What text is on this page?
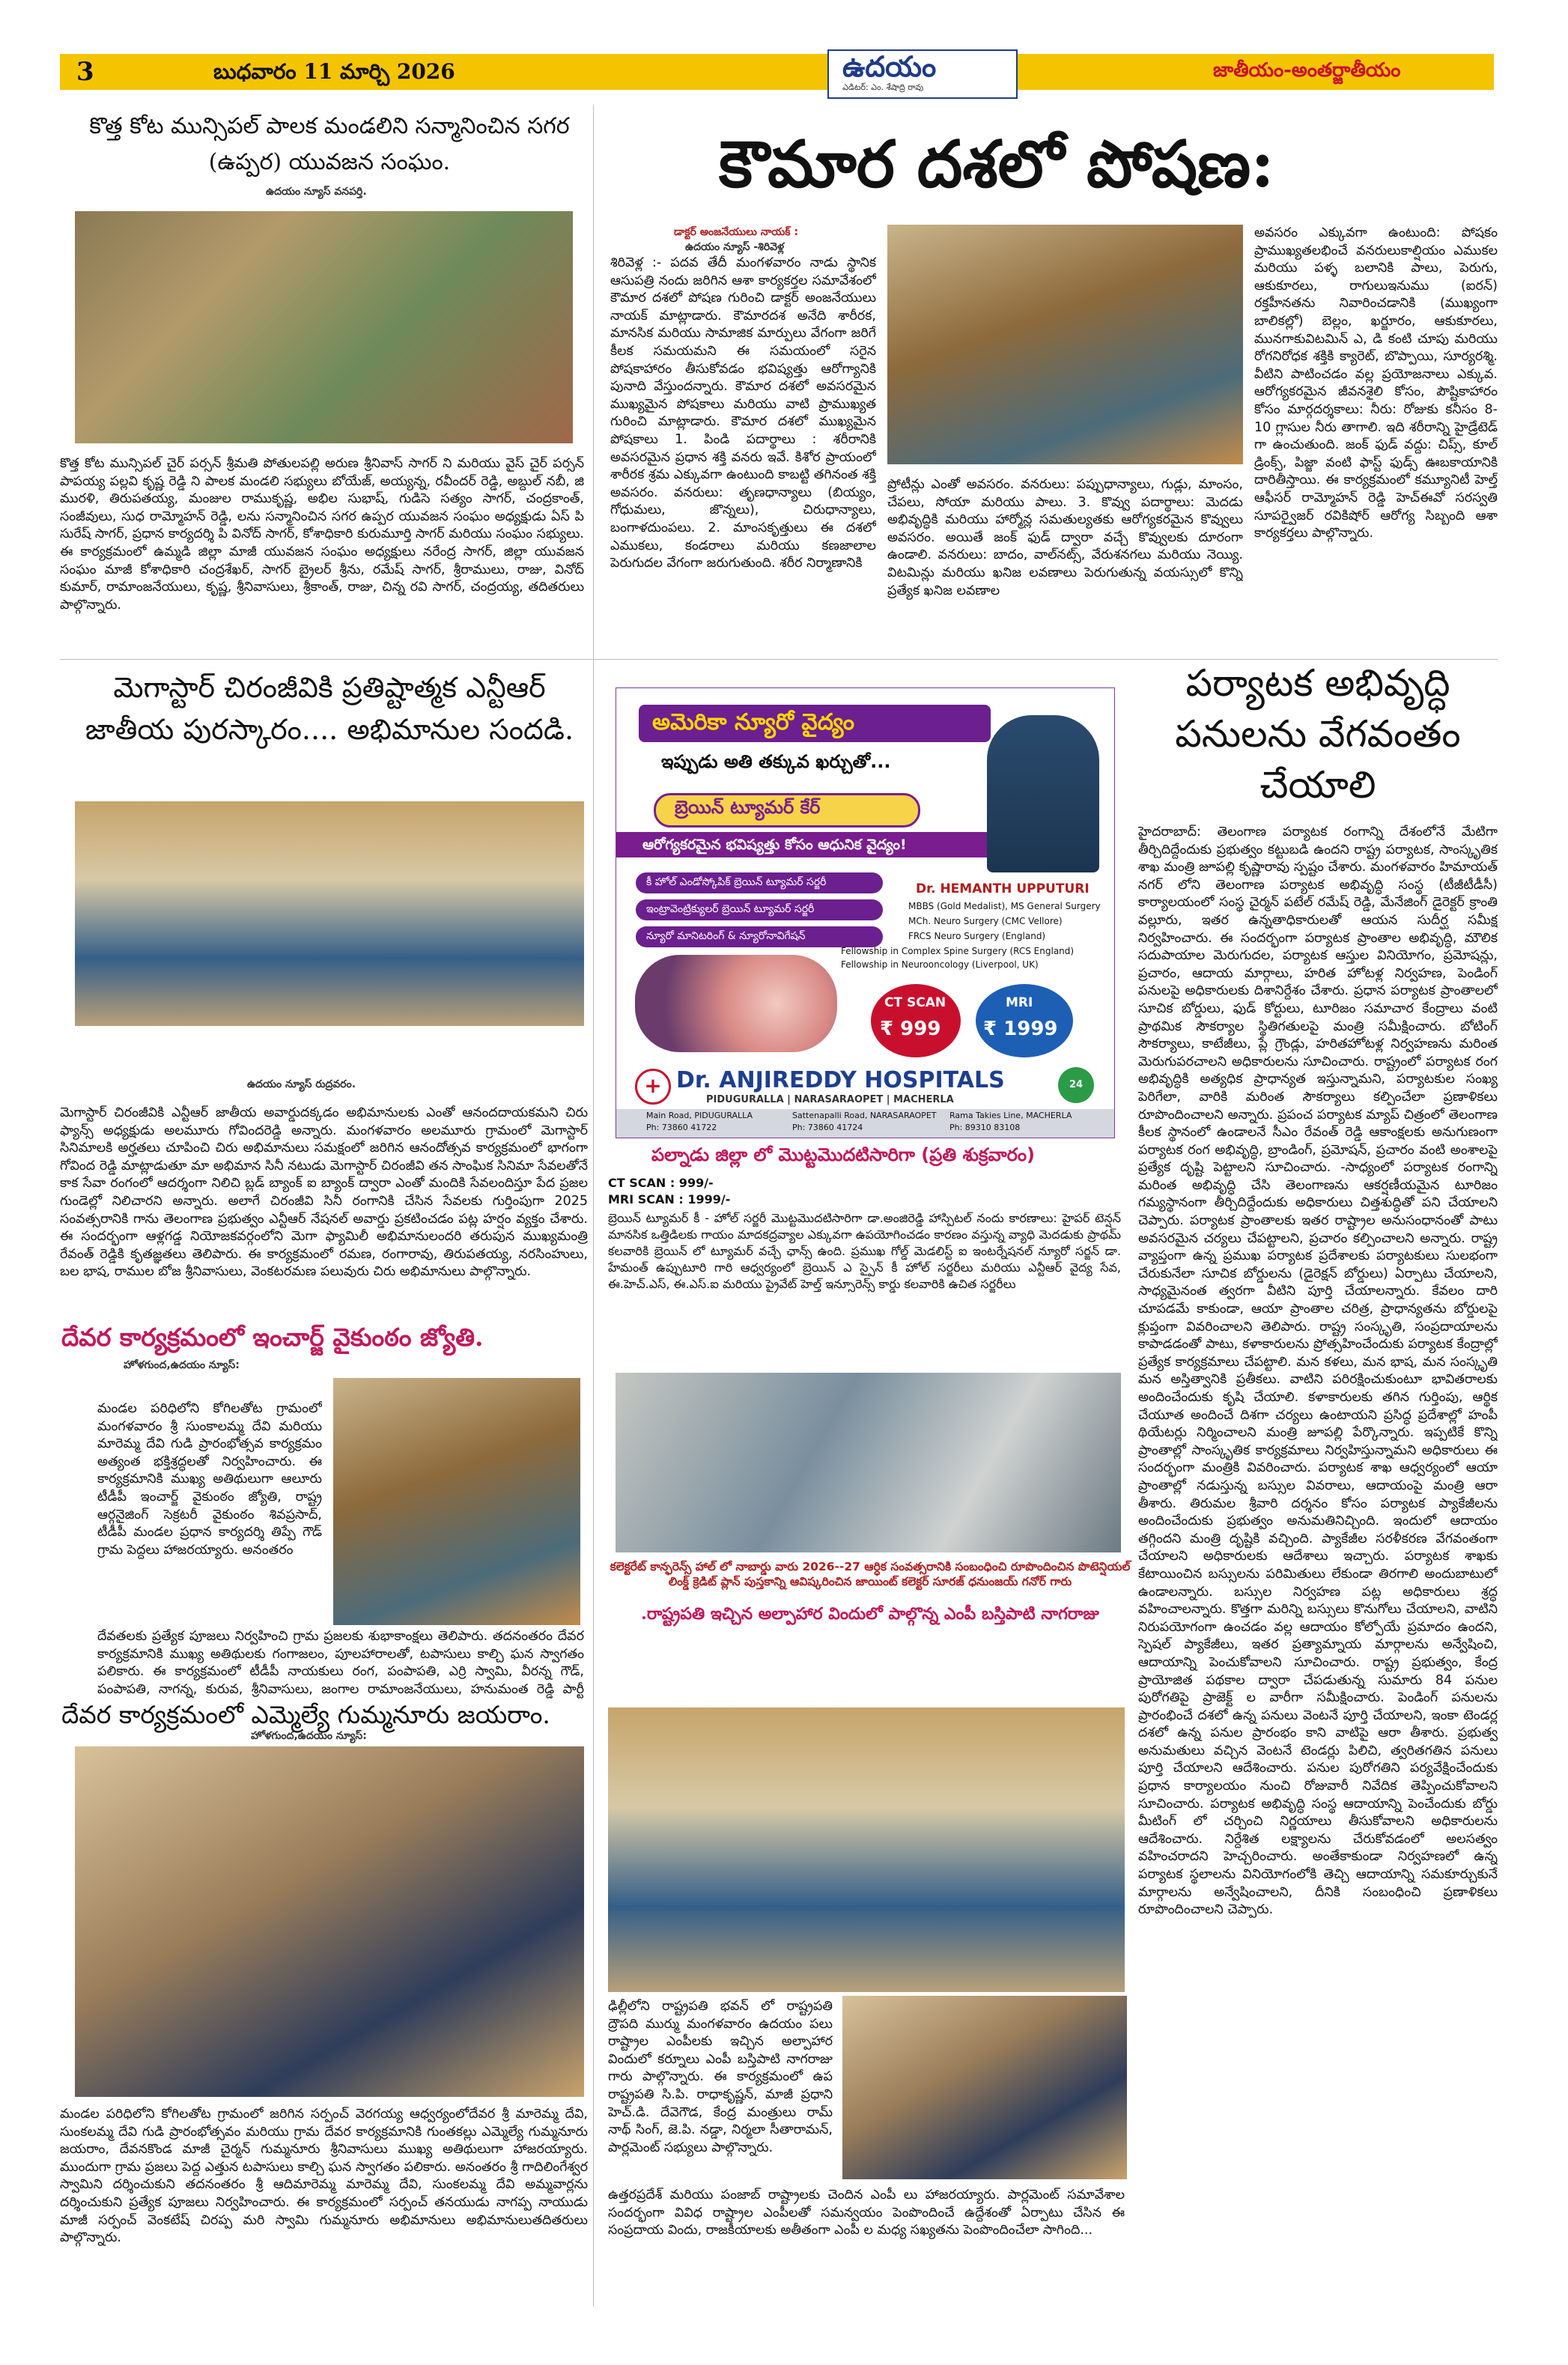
3	బుధవారం 11 మార్చి 2026	ఉదయం
ఎడిటర్: ఎం. శేషాద్రి రావు
జాతీయం-అంతర్జాతీయం
కొత్త కోట మున్సిపల్ పాలక మండలిని సన్మానించిన సగర (ఉప్పర) యువజన సంఘం.
ఉదయం న్యూస్ వనపర్తి.
కొత్త కోట మున్సిపల్ చైర్ పర్సన్ శ్రీమతి పోతులపల్లి అరుణ శ్రీనివాస్ సాగర్ ని మరియు వైస్ చైర్ పర్సన్ పాపయ్య పల్లవి కృష్ణ రెడ్డి ని పాలక మండలి సభ్యులు బోయేజ్, అయ్యన్న, రవీందర్ రెడ్డి, అబ్దుల్ నబీ, జి మురళి, తిరుపతయ్య, మంజుల రాముకృష్ణ, అభిల సుభాష్, గుడిసె సత్యం సాగర్, చంద్రకాంత్, సంజీవులు, సుధ రామ్మోహన్ రెడ్డి, లను సన్మానించిన సగర ఉప్పర యువజన సంఘం అధ్యక్షుడు ఏస్ పి సురేష్ సాగర్, ప్రధాన కార్యదర్శి పి వినోద్ సాగర్, కోశాధికారి కురుమూర్తి సాగర్ మరియు సంఘం సభ్యులు. ఈ కార్యక్రమంలో ఉమ్మడి జిల్లా మాజీ యువజన సంఘం అధ్యక్షులు నరేంద్ర సాగర్, జిల్లా యువజన సంఘం మాజీ కోశాధికారి చంద్రశేఖర్, సాగర్ బ్రైలర్ శ్రీను, రమేష్ సాగర్, శ్రీరాములు, రాజు, వినోద్ కుమార్, రామాంజనేయులు, కృష్ణ, శ్రీనివాసులు, శ్రీకాంత్, రాజు, చిన్న రవి సాగర్, చంద్రయ్య, తదితరులు పాల్గొన్నారు.
కౌమార దశలో పోషణ:
డాక్టర్ అంజనేయులు నాయక్ :
ఉదయం న్యూస్ -శిరివెళ్ల
శిరివెళ్ల :- పదవ తేదీ మంగళవారం నాడు స్థానిక ఆసుపత్రి నందు జరిగిన ఆశా కార్యకర్తల సమావేశంలో కౌమార దశలో పోషణ గురించి డాక్టర్ అంజనేయులు నాయక్ మాట్లాడారు. కౌమారదశ అనేది శారీరక, మానసిక మరియు సామాజిక మార్పులు వేగంగా జరిగే కీలక సమయమని ఈ సమయంలో సరైన పోషకాహారం తీసుకోవడం భవిష్యత్తు ఆరోగ్యానికి పునాది వేస్తుందన్నారు. కౌమార దశలో అవసరమైన ముఖ్యమైన పోషకాలు మరియు వాటి ప్రాముఖ్యత గురించి మాట్లాడారు. కౌమార దశలో ముఖ్యమైన పోషకాలు 1. పిండి పదార్థాలు : శరీరానికి అవసరమైన ప్రధాన శక్తి వనరు ఇవే. కిశోర ప్రాయంలో శారీరక శ్రమ ఎక్కువగా ఉంటుంది కాబట్టి తగినంత శక్తి అవసరం. వనరులు: తృణధాన్యాలు (బియ్యం, గోధుమలు, జొన్నలు), చిరుధాన్యాలు, బంగాళదుంపలు. 2. మాంసకృత్తులు ఈ దశలో ఎముకలు, కండరాలు మరియు కణజాలాల పెరుగుదల వేగంగా జరుగుతుంది. శరీర నిర్మాణానికి
ప్రోటీన్లు ఎంతో అవసరం. వనరులు: పప్పుధాన్యాలు, గుడ్లు, మాంసం, చేపలు, సోయా మరియు పాలు. 3. కొవ్వు పదార్థాలు: మెదడు అభివృద్ధికి మరియు హార్మోన్ల సమతుల్యతకు ఆరోగ్యకరమైన కొవ్వులు అవసరం. అయితే జంక్ ఫుడ్ ద్వారా వచ్చే కొవ్వులకు దూరంగా ఉండాలి. వనరులు: బాదం, వాల్‌నట్స్, వేరుశనగలు మరియు నెయ్యి. విటమిన్లు మరియు ఖనిజ లవణాలు పెరుగుతున్న వయస్సులో కొన్ని ప్రత్యేక ఖనిజ లవణాల
అవసరం ఎక్కువగా ఉంటుంది: పోషకం ప్రాముఖ్యతలభించే వనరులుకాల్షియం ఎముకల మరియు పళ్ళ బలానికి పాలు, పెరుగు, ఆకుకూరలు, రాగులుఇనుము (ఐరన్) రక్తహీనతను నివారించడానికి (ముఖ్యంగా బాలికల్లో) బెల్లం, ఖర్జూరం, ఆకుకూరలు, మునగాకువిటమిన్ ఎ, డి కంటి చూపు మరియు రోగనిరోధక శక్తికి క్యారెట్, బొప్పాయి, సూర్యరశ్మి. వీటిని పాటించడం వల్ల ప్రయోజనాలు ఎక్కువ. ఆరోగ్యకరమైన జీవనశైలి కోసం, పౌష్టికాహారం కోసం మార్గదర్శకాలు: నీరు: రోజుకు కనీసం 8-10 గ్లాసుల నీరు తాగాలి. ఇది శరీరాన్ని హైడ్రేటెడ్ గా ఉంచుతుంది. జంక్ ఫుడ్ వద్దు: చిప్స్, కూల్ డ్రింక్స్, పిజ్జా వంటి ఫాస్ట్ ఫుడ్స్ ఊబకాయానికి దారితీస్తాయి. ఈ కార్యక్రమంలో కమ్యూనిటీ హెల్త్ ఆఫీసర్ రామ్మోహన్ రెడ్డి హెచ్‌ఈవో సరస్వతి సూపర్వైజర్ రవికిషోర్ ఆరోగ్య సిబ్బంది ఆశా కార్యకర్తలు పాల్గొన్నారు.
మెగాస్టార్ చిరంజీవికి ప్రతిష్టాత్మక ఎన్టీఆర్ జాతీయ పురస్కారం.... అభిమానుల సందడి.
ఉదయం న్యూస్ రుద్రవరం.
మెగాస్టార్ చిరంజీవికి ఎన్టీఆర్ జాతీయ అవార్డుదక్కడం అభిమానులకు ఎంతో ఆనందదాయకమని చిరు ఫ్యాన్స్ అధ్యక్షుడు అలమూరు గోవిందరెడ్డి అన్నారు. మంగళవారం అలమూరు గ్రామంలో మెగాస్టార్ సినిమాలకి అర్హతలు చూపించి చిరు అభిమానులు సమక్షంలో జరిగిన ఆనందోత్సవ కార్యక్రమంలో భాగంగా గోవింద రెడ్డి మాట్లాడుతూ మా అభిమాన సినీ నటుడు మెగాస్టార్ చిరంజీవి తన సాంఘిక సినిమా సేవలతోనే కాక సేవా రంగంలో ఆదర్శంగా నిలిచి బ్లడ్ బ్యాంక్ ఐ బ్యాంక్ ద్వారా ఎంతో మందికి సేవలందిస్తూ పేద ప్రజల గుండెల్లో నిలిచారని అన్నారు. అలాగే చిరంజీవి సినీ రంగానికి చేసిన సేవలకు గుర్తింపుగా 2025 సంవత్సరానికి గాను తెలంగాణ ప్రభుత్వం ఎన్టీఆర్ నేషనల్ అవార్డు ప్రకటించడం పట్ల హర్షం వ్యక్తం చేశారు. ఈ సందర్భంగా ఆళ్లగడ్డ నియోజకవర్గంలోని మెగా ఫ్యామిలీ అభిమానులందరి తరుపున ముఖ్యమంత్రి రేవంత్ రెడ్డికి కృతజ్ఞతలు తెలిపారు. ఈ కార్యక్రమంలో రమణ, రంగారావు, తిరుపతయ్య, నరసింహులు, బల భాష, రాముల బోజ శ్రీనివాసులు, వెంకటరమణ పలువురు చిరు అభిమానులు పాల్గొన్నారు.
దేవర కార్యక్రమంలో ఇంచార్జ్ వైకుంఠం జ్యోతి.
హోళగుంద,ఉదయం న్యూస్:
మండల పరిధిలోని కోగిలతోట గ్రామంలో మంగళవారం శ్రీ సుంకాలమ్మ దేవి మరియు మారెమ్మ దేవి గుడి ప్రారంభోత్సవ కార్యక్రమం అత్యంత భక్తిశ్రద్ధలతో నిర్వహించారు. ఈ కార్యక్రమానికి ముఖ్య అతిథులుగా ఆలూరు టీడీపీ ఇంచార్జ్ వైకుంఠం జ్యోతి, రాష్ట్ర ఆర్గనైజింగ్ సెక్రటరీ వైకుంఠం శివప్రసాద్, టీడీపీ మండల ప్రధాన కార్యదర్శి తిప్పే గౌడ్ గ్రామ పెద్దలు హాజరయ్యారు. అనంతరం
దేవతలకు ప్రత్యేక పూజలు నిర్వహించి గ్రామ ప్రజలకు శుభాకాంక్షలు తెలిపారు. తదనంతరం దేవర కార్యక్రమానికి ముఖ్య అతిథులకు గంగాజలం, పూలహారాలతో, టపాసులు కాల్చి ఘన స్వాగతం పలికారు. ఈ కార్యక్రమంలో టీడీపీ నాయకులు రంగ, పంపాపతి, ఎర్రి స్వామి, వీరన్న గౌడ్, పంపాపతి, నాగన్న, కురువ, శ్రీనివాసులు, జంగాల రామాంజనేయులు, హనుమంత రెడ్డి పార్టీ
దేవర కార్యక్రమంలో ఎమ్మెల్యే గుమ్మనూరు జయరాం.
హోళగుంద,ఉదయం న్యూస్:
మండల పరిధిలోని కోగిలతోట గ్రామంలో జరిగిన సర్పంచ్ వెరగయ్య ఆధ్వర్యంలోదేవర శ్రీ మారెమ్మ దేవి, సుంకలమ్మ దేవి గుడి ప్రారంభోత్సవం మరియు గ్రామ దేవర కార్యక్రమానికి గుంతకల్లు ఎమ్మెల్యే గుమ్మనూరు జయరాం, దేవనకొండ మాజీ చైర్మన్ గుమ్మనూరు శ్రీనివాసులు ముఖ్య అతిథులుగా హాజరయ్యారు. ముందుగా గ్రామ ప్రజలు పెద్ద ఎత్తున టపాసులు కాల్చి ఘన స్వాగతం పలికారు. అనంతరం శ్రీ గాదిలింగేశ్వర స్వామిని దర్శించుకుని తదనంతరం శ్రీ ఆదిమారెమ్మ మారెమ్మ దేవి, సుంకలమ్మ దేవి అమ్మవార్లను దర్శించుకుని ప్రత్యేక పూజలు నిర్వహించారు. ఈ కార్యక్రమంలో సర్పంచ్ తనయుడు నాగప్ప నాయుడు మాజీ సర్పంచ్ వెంకటేష్ చిరప్ప మరి స్వామి గుమ్మనూరు అభిమానులు అభిమానులుతదితరులు పాల్గొన్నారు.
అమెరికా న్యూరో వైద్యం
ఇప్పుడు అతి తక్కువ ఖర్చుతో...
బ్రెయిన్ ట్యూమర్ కేర్
ఆరోగ్యకరమైన భవిష్యత్తు కోసం ఆధునిక వైద్యం!
కీ హోల్ ఎండోస్కోపిక్ బ్రెయిన్ ట్యూమర్ సర్జరీ
ఇంట్రావెంట్రిక్యులర్ బ్రెయిన్ ట్యూమర్ సర్జరీ
న్యూరో మానిటరింగ్ & న్యూరోనావిగేషన్
Dr. HEMANTH UPPUTURI
MBBS (Gold Medalist), MS General Surgery
MCh. Neuro Surgery (CMC Vellore)
FRCS Neuro Surgery (England)
Fellowship in Complex Spine Surgery (RCS England)
Fellowship in Neurooncology (Liverpool, UK)
CT SCAN
₹ 999
MRI
₹ 1999
+ Dr. ANJIREDDY HOSPITALS
PIDUGURALLA | NARASARAOPET | MACHERLA
24
Main Road, PIDUGURALLA
Ph: 73860 41722
Sattenapalli Road, NARASARAOPET
Ph: 73860 41724
Rama Takies Line, MACHERLA
Ph: 89310 83108
పల్నాడు జిల్లా లో మొట్టమొదటిసారిగా (ప్రతి శుక్రవారం)
CT SCAN : 999/-
MRI SCAN : 1999/-
బ్రెయిన్ ట్యూమర్ కీ - హోల్ సర్జరీ మొట్టమొదటిసారిగా డా.అంజిరెడ్డి హాస్పిటల్ నందు కారణాలు: హైపర్ టెన్షన్ మానసిక ఒత్తిడి‌లకు గాయం మాదకద్రవ్యాల ఎక్కువగా ఉపయోగించడం కారణం వస్తున్న వ్యాధి మెదడుకు ప్రాథమ్ కలవారికి బ్రెయిన్ లో ట్యూమర్ వచ్చే ఛాన్స్ ఉంది. ప్రముఖ గోల్డ్ మెడలిస్ట్ ఐ ఇంటర్నేషనల్ న్యూరో సర్జన్ డా. హేమంత్ ఉప్పుటూరి గారి ఆధ్వర్యంలో బ్రెయిన్ ఎ స్పైన్ కీ హోల్ సర్జరీలు మరియు ఎన్టీఆర్ వైద్య సేవ, ఈ.హెచ్.ఎస్, ఈ.ఎస్.ఐ మరియు ప్రైవేట్ హెల్త్ ఇన్సూరెన్స్ కార్డు కలవారికి ఉచిత సర్జరీలు
కలెక్టరేట్ కాన్ఫరెన్స్ హాల్ లో నాబార్డు వారు 2026--27 ఆర్ధిక సంవత్సరానికి సంబంధించి రూపొందించిన పొటెన్షియల్ లింక్డ్ క్రెడిట్ ప్లాన్ పుస్తకాన్ని ఆవిష్కరించిన జాయింట్ కలెక్టర్ సూరజ్ ధనుంజయ్ గనోర్ గారు
.రాష్ట్రపతి ఇచ్చిన అల్పాహార విందులో పాల్గొన్న ఎంపీ బస్తిపాటి నాగరాజు
ఢిల్లీలోని రాష్ట్రపతి భవన్ లో రాష్ట్రపతి ద్రౌపది ముర్ము మంగళవారం ఉదయం పలు రాష్ట్రాల ఎంపీలకు ఇచ్చిన అల్పాహార విందులో కర్నూలు ఎంపీ బస్తిపాటి నాగరాజు గారు పాల్గొన్నారు. ఈ కార్యక్రమంలో ఉప రాష్ట్రపతి సి.పి. రాధాకృష్ణన్, మాజీ ప్రధాని హెచ్.డి. దేవెగౌడ, కేంద్ర మంత్రులు రామ్ నాథ్ సింగ్, జె.పి. నడ్డా, నిర్మలా సీతారామన్, పార్లమెంట్ సభ్యులు పాల్గొన్నారు.
ఉత్తరప్రదేశ్ మరియు పంజాబ్ రాష్ట్రాలకు చెందిన ఎంపీ లు హాజరయ్యారు. పార్లమెంట్ సమావేశాల సందర్భంగా వివిధ రాష్ట్రాల ఎంపీలతో సమన్వయం పెంపొందించే ఉద్దేశంతో ఏర్పాటు చేసిన ఈ సంప్రదాయ విందు, రాజకీయాలకు అతీతంగా ఎంపీ ల మధ్య సఖ్యతను పెంపొందించేలా సాగింది...
పర్యాటక అభివృద్ధి పనులను వేగవంతం చేయాలి
హైదరాబాద్: తెలంగాణ పర్యాటక రంగాన్ని దేశంలోనే మేటిగా తీర్చిదిద్దేందుకు ప్రభుత్వం కట్టుబడి ఉందని రాష్ట్ర పర్యాటక, సాంస్కృతిక శాఖ మంత్రి జూపల్లి కృష్ణారావు స్పష్టం చేశారు. మంగళవారం హిమాయత్ నగర్ లోని తెలంగాణ పర్యాటక అభివృద్ధి సంస్థ (టీజీటీడీసీ) కార్యాలయంలో సంస్థ చైర్మన్ పటేల్ రమేష్ రెడ్డి, మేనేజింగ్ డైరెక్టర్ క్రాంతి వల్లూరు, ఇతర ఉన్నతాధికారులతో ఆయన సుదీర్ఘ సమీక్ష నిర్వహించారు. ఈ సందర్భంగా పర్యాటక ప్రాంతాల అభివృద్ధి, మౌలిక సదుపాయాల మెరుగుదల, పర్యాటక ఆస్తుల వినియోగం, ప్రమోషన్లు, ప్రచారం, ఆదాయ మార్గాలు, హరిత హోటళ్ల నిర్వహణ, పెండింగ్ పనులపై అధికారులకు దిశానిర్దేశం చేశారు. ప్రధాన పర్యాటక ప్రాంతాలలో సూచిక బోర్డులు, ఫుడ్ కోర్టులు, టూరిజం సమాచార కేంద్రాలు వంటి ప్రాథమిక సౌకర్యాల స్థితిగతులపై మంత్రి సమీక్షించారు. బోటింగ్ సౌకర్యాలు, కాటేజీలు, ప్లే గ్రౌండ్లు, హరితహోటళ్ల నిర్వహణను మరింత మెరుగుపరచాలని అధికారులను సూచించారు. రాష్ట్రంలో పర్యాటక రంగ అభివృద్ధికి అత్యధిక ప్రాధాన్యత ఇస్తున్నామని, పర్యాటకుల సంఖ్య పెరిగేలా, వారికి మరింత సౌకర్యాలు కల్పించేలా ప్రణాళికలు రూపొందించాలని అన్నారు. ప్రపంచ పర్యాటక మ్యాప్ చిత్రంలో తెలంగాణ కీలక స్థానంలో ఉండాలనే సీఎం రేవంత్ రెడ్డి ఆకాంక్షలకు అనుగుణంగా పర్యాటక రంగ అభివృద్ధి, బ్రాండింగ్, ప్రమోషన్, ప్రచారం వంటి అంశాలపై ప్రత్యేక దృష్టి పెట్టాలని సూచించారు. -సాధ్యంలో పర్యాటక రంగాన్ని మరింత అభివృద్ధి చేసి తెలంగాణను ఆకర్షణీయమైన టూరిజం గమ్యస్థానంగా తీర్చిదిద్దేందుకు అధికారులు చిత్తశుద్ధితో పని చేయాలని చెప్పారు. పర్యాటక ప్రాంతాలకు ఇతర రాష్ట్రాల అనుసంధానంతో పాటు అవసరమైన చర్యలు చేపట్టాలని, ప్రచారం కల్పించాలని అన్నారు. రాష్ట్ర వ్యాప్తంగా ఉన్న ప్రముఖ పర్యాటక ప్రదేశాలకు పర్యాటకులు సులభంగా చేరుకునేలా సూచిక బోర్డులను (డైరెక్షన్ బోర్డులు) ఏర్పాటు చేయాలని, సాధ్యమైనంత త్వరగా వీటిని పూర్తి చేయాలన్నారు. కేవలం దారి చూపడమే కాకుండా, ఆయా ప్రాంతాల చరిత్ర, ప్రాధాన్యతను బోర్డులపై క్లుప్తంగా వివరించాలని తెలిపారు. రాష్ట్ర సంస్కృతి, సంప్రదాయాలను కాపాడడంతో పాటు, కళాకారులను ప్రోత్సహించేందుకు పర్యాటక కేంద్రాల్లో ప్రత్యేక కార్యక్రమాలు చేపట్టాలి. మన కళలు, మన భాష, మన సంస్కృతి మన అస్తిత్వానికి ప్రతీకలు. వాటిని పరిరక్షించుకుంటూ భావితరాలకు అందించేందుకు కృషి చేయాలి. కళాకారులకు తగిన గుర్తింపు, ఆర్థిక చేయూత అందించే దిశగా చర్యలు ఉంటాయని ప్రసిద్ధ ప్రదేశాల్లో హంపీ థియేటర్లు నిర్మించాలని మంత్రి జూపల్లి పేర్కొన్నారు. ఇప్పటికే కొన్ని ప్రాంతాల్లో సాంస్కృతిక కార్యక్రమాలు నిర్వహిస్తున్నామని అధికారులు ఈ సందర్భంగా మంత్రికి వివరించారు. పర్యాటక శాఖ ఆధ్వర్యంలో ఆయా ప్రాంతాల్లో నడుస్తున్న బస్సుల వివరాలు, ఆదాయంపై మంత్రి ఆరా తీశారు. తిరుమల శ్రీవారి దర్శనం కోసం పర్యాటక ప్యాకేజీలను అందించేందుకు ప్రభుత్వం అనుమతినిచ్చింది. ఇందులో ఆదాయం తగ్గిందని మంత్రి దృష్టికి వచ్చింది. ప్యాకేజీల సరళీకరణ వేగవంతంగా చేయాలని అధికారులకు ఆదేశాలు ఇచ్చారు. పర్యాటక శాఖకు కేటాయించిన బస్సులను పరిమితులు లేకుండా తిరగాలి అందుబాటులో ఉండాలన్నారు. బస్సుల నిర్వహణ పట్ల అధికారులు శ్రద్ధ వహించాలన్నారు. కొత్తగా మరిన్ని బస్సులు కొనుగోలు చేయాలని, వాటిని నిరుపయోగంగా ఉంచడం వల్ల ఆదాయం కోల్పోయే ప్రమాదం ఉందని, స్పెషల్ ప్యాకేజీలు, ఇతర ప్రత్యామ్నాయ మార్గాలను అన్వేషించి, ఆదాయాన్ని పెంచుకోవాలని సూచించారు. రాష్ట్ర ప్రభుత్వం, కేంద్ర ప్రాయోజిత పథకాల ద్వారా చేపడుతున్న సుమారు 84 పనుల పురోగతిపై ప్రాజెక్ట్ ల వారీగా సమీక్షించారు. పెండింగ్ పనులను ప్రారంభించే దశలో ఉన్న పనులు వెంటనే పూర్తి చేయాలని, ఇంకా టెండర్ల దశలో ఉన్న పనుల ప్రారంభం కాని వాటిపై ఆరా తీశారు. ప్రభుత్వ అనుమతులు వచ్చిన వెంటనే టెండర్లు పిలిచి, త్వరితగతిన పనులు పూర్తి చేయాలని ఆదేశించారు. పనుల పురోగతిని పర్యవేక్షించేందుకు ప్రధాన కార్యాలయం నుంచి రోజువారీ నివేదిక తెప్పించుకోవాలని సూచించారు. పర్యాటక అభివృద్ధి సంస్థ ఆదాయాన్ని పెంచేందుకు బోర్డు మీటింగ్ లో చర్చించి నిర్ణయాలు తీసుకోవాలని అధికారులను ఆదేశించారు. నిర్దేశిత లక్ష్యాలను చేరుకోవడంలో అలసత్వం వహించరాదని హెచ్చరించారు. అంతేకాకుండా నిర్వహణలో ఉన్న పర్యాటక స్థలాలను వినియోగంలోకి తెచ్చి ఆదాయాన్ని సమకూర్చుకునే మార్గాలను అన్వేషించాలని, దీనికి సంబంధించి ప్రణాళికలు రూపొందించాలని చెప్పారు.
